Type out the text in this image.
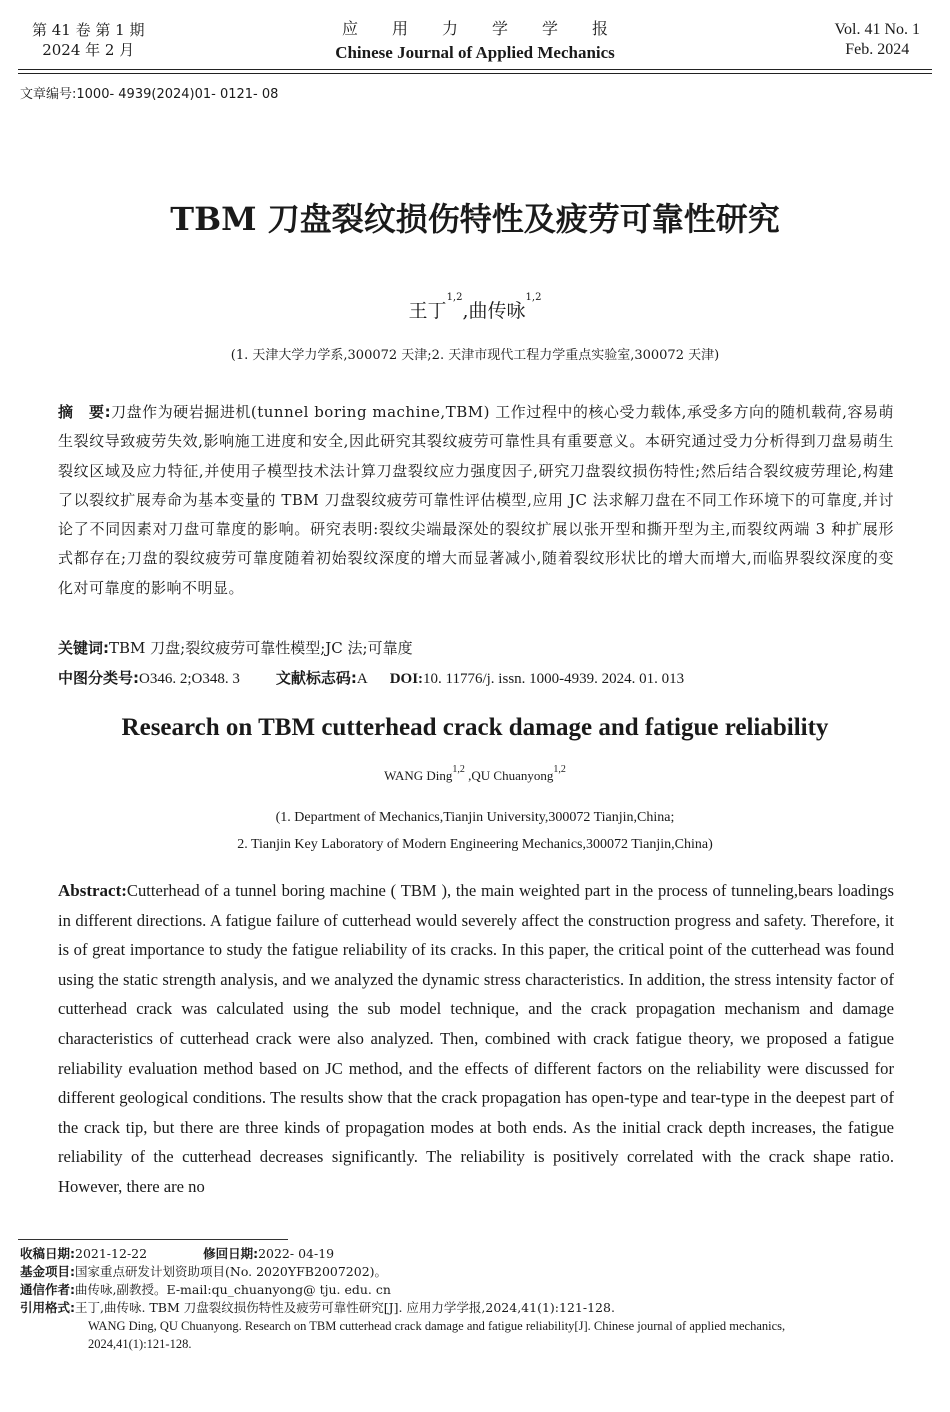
第 41 卷 第 1 期
2024 年 2 月
应用力学学报
Chinese Journal of Applied Mechanics
Vol. 41 No. 1
Feb. 2024
文章编号:1000- 4939(2024)01- 0121- 08
TBM 刀盘裂纹损伤特性及疲劳可靠性研究
王丁$^{1,2}$,曲传咏$^{1,2}$
(1. 天津大学力学系,300072 天津;2. 天津市现代工程力学重点实验室,300072 天津)
摘　要:刀盘作为硬岩掘进机(tunnel boring machine,TBM) 工作过程中的核心受力载体,承受多方向的随机载荷,容易萌生裂纹导致疲劳失效,影响施工进度和安全,因此研究其裂纹疲劳可靠性具有重要意义。本研究通过受力分析得到刀盘易萌生裂纹区域及应力特征,并使用子模型技术法计算刀盘裂纹应力强度因子,研究刀盘裂纹损伤特性;然后结合裂纹疲劳理论,构建了以裂纹扩展寿命为基本变量的 TBM 刀盘裂纹疲劳可靠性评估模型,应用 JC 法求解刀盘在不同工作环境下的可靠度,并讨论了不同因素对刀盘可靠度的影响。研究表明:裂纹尖端最深处的裂纹扩展以张开型和撕开型为主,而裂纹两端 3 种扩展形式都存在;刀盘的裂纹疲劳可靠度随着初始裂纹深度的增大而显著减小,随着裂纹形状比的增大而增大,而临界裂纹深度的变化对可靠度的影响不明显。
关键词:TBM 刀盘;裂纹疲劳可靠性模型;JC 法;可靠度
中图分类号:O346. 2;O348. 3 文献标志码:A DOI:10. 11776/j. issn. 1000-4939. 2024. 01. 013
Research on TBM cutterhead crack damage and fatigue reliability
WANG Ding$^{1,2}$ ,QU Chuanyong$^{1,2}$
(1. Department of Mechanics,Tianjin University,300072 Tianjin,China;
2. Tianjin Key Laboratory of Modern Engineering Mechanics,300072 Tianjin,China)
Abstract:Cutterhead of a tunnel boring machine ( TBM ), the main weighted part in the process of tunneling,bears loadings in different directions. A fatigue failure of cutterhead would severely affect the construction progress and safety. Therefore, it is of great importance to study the fatigue reliability of its cracks. In this paper, the critical point of the cutterhead was found using the static strength analysis, and we analyzed the dynamic stress characteristics. In addition, the stress intensity factor of cutterhead crack was calculated using the sub model technique, and the crack propagation mechanism and damage characteristics of cutterhead crack were also analyzed. Then, combined with crack fatigue theory, we proposed a fatigue reliability evaluation method based on JC method, and the effects of different factors on the reliability were discussed for different geological conditions. The results show that the crack propagation has open-type and tear-type in the deepest part of the crack tip, but there are three kinds of propagation modes at both ends. As the initial crack depth increases, the fatigue reliability of the cutterhead decreases significantly. The reliability is positively correlated with the crack shape ratio. However, there are no
收稿日期:2021-12-22	修回日期:2022- 04-19
基金项目:国家重点研发计划资助项目(No. 2020YFB2007202)。
通信作者:曲传咏,副教授。E-mail:qu_chuanyong@ tju. edu. cn
引用格式:王丁,曲传咏. TBM 刀盘裂纹损伤特性及疲劳可靠性研究[J]. 应用力学学报,2024,41(1):121-128.
WANG Ding, QU Chuanyong. Research on TBM cutterhead crack damage and fatigue reliability[J]. Chinese journal of applied mechanics,
2024,41(1):121-128.
